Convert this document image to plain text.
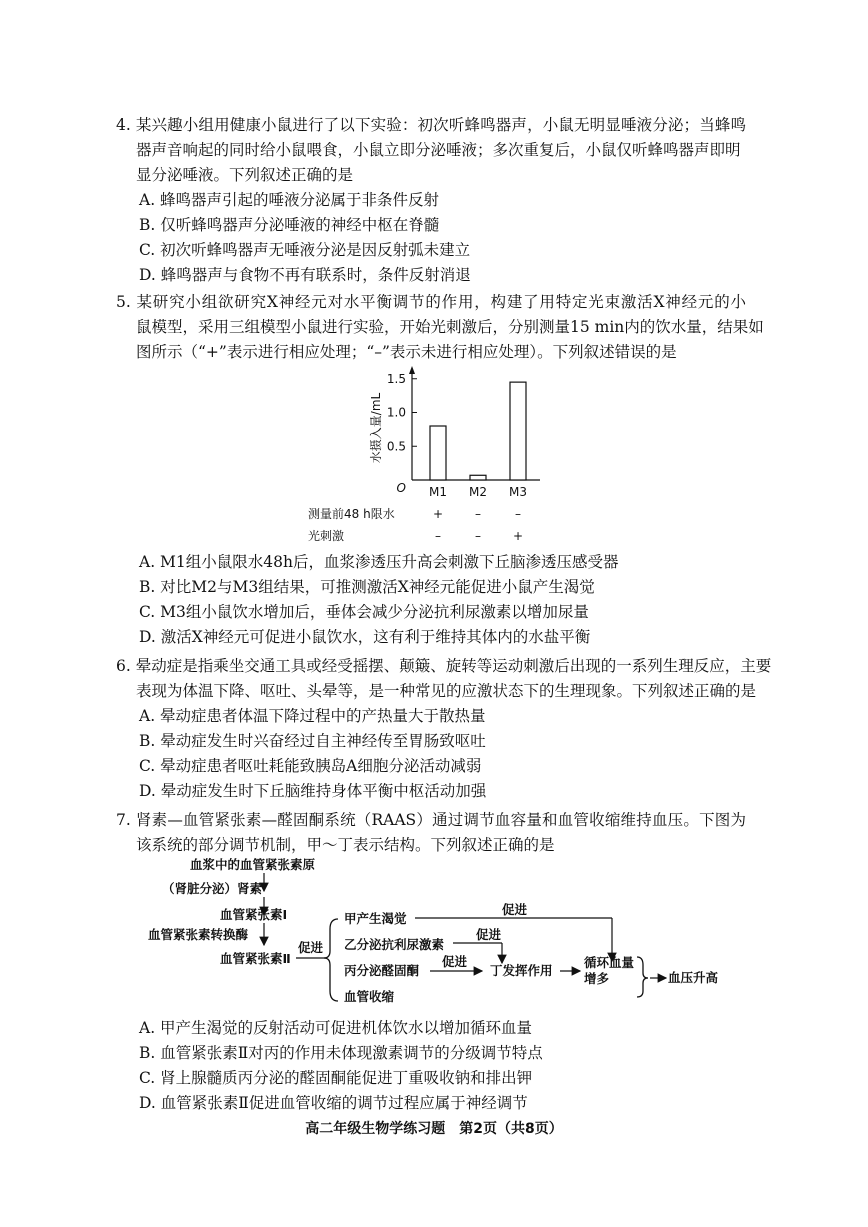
4. 某兴趣小组用健康小鼠进行了以下实验：初次听蜂鸣器声，小鼠无明显唾液分泌；当蜂鸣
器声音响起的同时给小鼠喂食，小鼠立即分泌唾液；多次重复后，小鼠仅听蜂鸣器声即明
显分泌唾液。下列叙述正确的是
A. 蜂鸣器声引起的唾液分泌属于非条件反射
B. 仅听蜂鸣器声分泌唾液的神经中枢在脊髓
C. 初次听蜂鸣器声无唾液分泌是因反射弧未建立
D. 蜂鸣器声与食物不再有联系时，条件反射消退
5. 某研究小组欲研究X神经元对水平衡调节的作用，构建了用特定光束激活X神经元的小
鼠模型，采用三组模型小鼠进行实验，开始光刺激后，分别测量15 min内的饮水量，结果如
图所示（“+”表示进行相应处理；“–”表示未进行相应处理）。下列叙述错误的是
水摄入量/mL
O
0.5
1.0
1.5
M1 M2 M3
测量前48 h限水	+	–	–
光刺激	–	–	+
A. M1组小鼠限水48h后，血浆渗透压升高会刺激下丘脑渗透压感受器
B. 对比M2与M3组结果，可推测激活X神经元能促进小鼠产生渴觉
C. M3组小鼠饮水增加后，垂体会减少分泌抗利尿激素以增加尿量
D. 激活X神经元可促进小鼠饮水，这有利于维持其体内的水盐平衡
6. 晕动症是指乘坐交通工具或经受摇摆、颠簸、旋转等运动刺激后出现的一系列生理反应，主要
表现为体温下降、呕吐、头晕等，是一种常见的应激状态下的生理现象。下列叙述正确的是
A. 晕动症患者体温下降过程中的产热量大于散热量
B. 晕动症发生时兴奋经过自主神经传至胃肠致呕吐
C. 晕动症患者呕吐耗能致胰岛A细胞分泌活动减弱
D. 晕动症发生时下丘脑维持身体平衡中枢活动加强
7. 肾素—血管紧张素—醛固酮系统（RAAS）通过调节血容量和血管收缩维持血压。下图为
该系统的部分调节机制，甲～丁表示结构。下列叙述正确的是
血浆中的血管紧张素原
（肾脏分泌）肾素
血管紧张素Ⅰ
血管紧张素转换酶
血管紧张素Ⅱ
促进
甲产生渴觉
乙分泌抗利尿激素
丙分泌醛固酮
血管收缩
促进
促进
促进
丁发挥作用
循环血量
增多	血压升高
A. 甲产生渴觉的反射活动可促进机体饮水以增加循环血量
B. 血管紧张素Ⅱ对丙的作用未体现激素调节的分级调节特点
C. 肾上腺髓质丙分泌的醛固酮能促进丁重吸收钠和排出钾
D. 血管紧张素Ⅱ促进血管收缩的调节过程应属于神经调节
高二年级生物学练习题　第2页（共8页）
